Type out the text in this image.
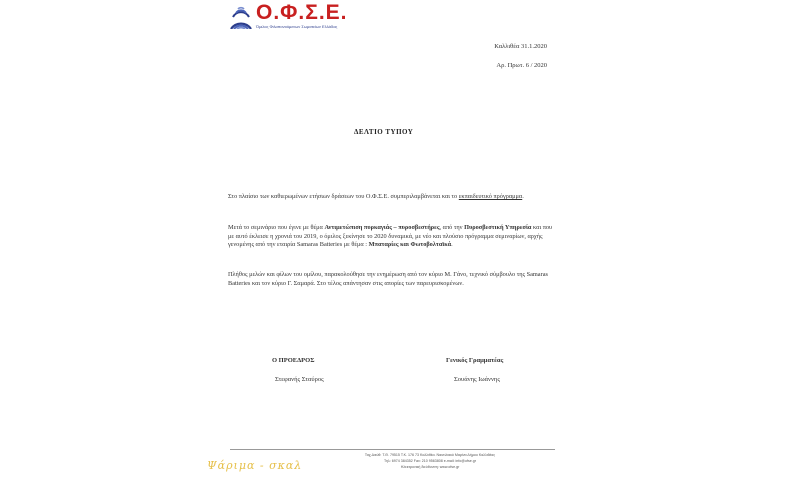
Ο.Φ.Σ.Ε.
Όμιλος Φιλοπονούμενων Σωματείων Ελλάδος
Καλλιθέα 31.1.2020
Αρ. Πρωτ. 6 / 2020
ΔΕΛΤΙΟ ΤΥΠΟΥ
Στο πλαίσιο των καθιερωμένων ετήσιων δράσεων του Ο.Φ.Σ.Ε. συμπεριλαμβάνεται και το εκπαιδευτικό πρόγραμμα.
Μετά το σεμινάριο που έγινε με θέμα Αντιμετώπιση πυρκαγιάς – πυροσβεστήρες, από την Πυροσβεστική Υπηρεσία και που με αυτό έκλεισε η χρονιά του 2019, ο όμιλος ξεκίνησε το 2020 δυναμικά, με νέο και πλούσιο πρόγραμμα σεμιναρίων, αρχής γενομένης από την εταιρία Samaras Batteries με θέμα : Μπαταρίες και Φωτοβολταϊκά.
Πλήθος μελών και φίλων του ομίλου, παρακολούθησε την ενημέρωση από τον κύριο Μ. Γάνο, τεχνικό σύμβουλο της Samaras Batteries και τον κύριο Γ. Σαμαρά. Στο τέλος απάντησαν στις απορίες των παρευρισκομένων.
Ο ΠΡΟΕΔΡΟΣ
Στεφανής Σταύρος
Γενικός Γραμματέας
Σουάνης Ιωάννης
Ταχ.Διεύθ: Τ.Θ. 79515 Τ.Κ. 176 73 Καλλιθέα. Ναυτιλιακό Μαρίνα Δήμου Καλλιθέας
Τηλ: 6974 384352 Fax: 210 9563808 e-mail: info@ofse.gr
Ηλεκτρονική διεύθυνση: www.ofse.gr
Ψάριμα - σκαλ
